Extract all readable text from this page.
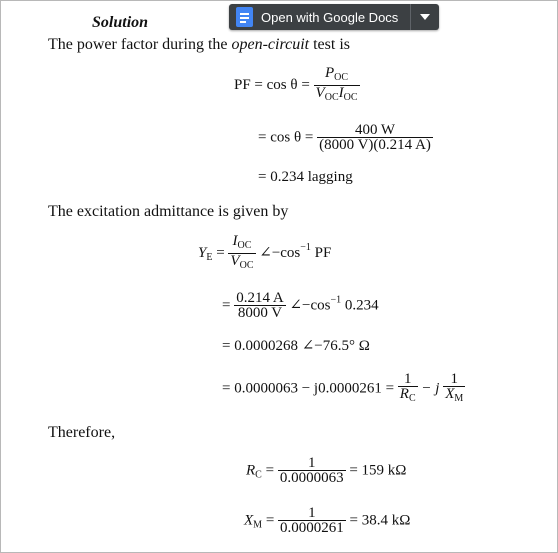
Open with Google Docs
Solution
The power factor during the open-circuit test is
PF = $\cos \theta = \frac{P_{OC}}{V_{OC}I_{OC}}$
= $\cos \theta = \frac{400 W}{(8000 V)(0.214 A)}$
= 0.234 lagging
The excitation admittance is given by
$Y_E = \frac{I_{OC}}{V_{OC}}$ $\angle-\cos^{-1}$ PF
= $\frac{0.214 A}{8000 V}$ $\angle-\cos^{-1}$ 0.234
= 0.0000268 ∠−76.5° Ω
= $0.0000063 - j0.0000261 = \frac{1}{R_C} - j \frac{1}{X_M}$
Therefore,
$R_C = \frac{1}{0.0000063} = 159$ kΩ
$X_M = \frac{1}{0.0000261} = 38.4$ kΩ
